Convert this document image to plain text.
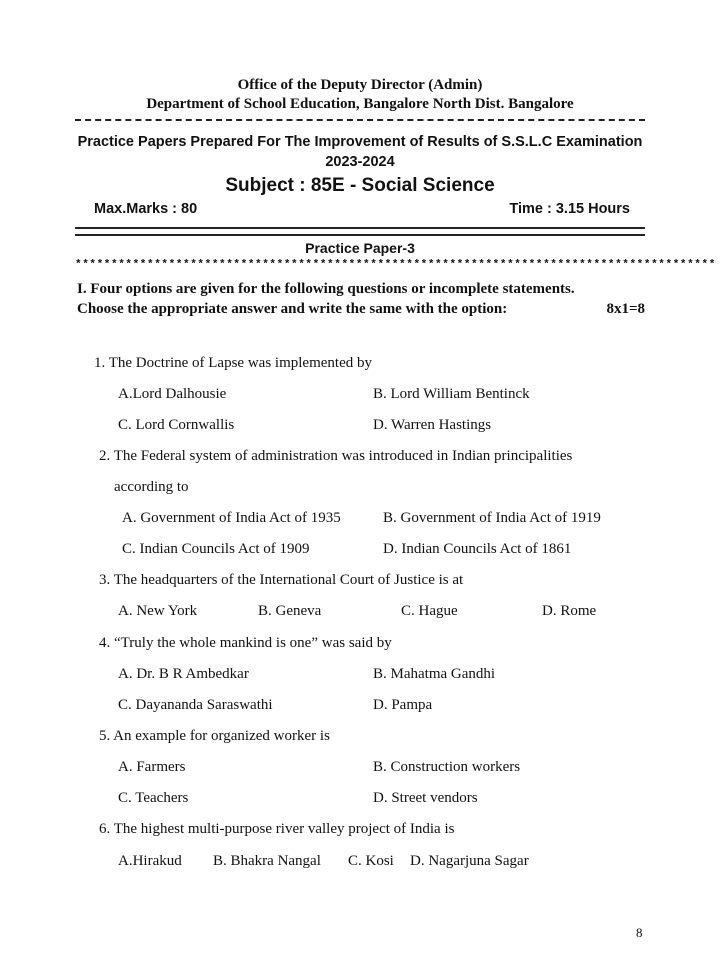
Office of the Deputy Director (Admin)
Department of School Education, Bangalore North Dist. Bangalore
Practice Papers Prepared For The Improvement of Results of S.S.L.C Examination
2023-2024
Subject : 85E - Social Science
Max.Marks : 80	Time : 3.15 Hours
Practice Paper-3
*****************************************************************************************
I. Four options are given for the following questions or incomplete statements.
Choose the appropriate answer and write the same with the option:	8x1=8
1. The Doctrine of Lapse was implemented by
A.Lord Dalhousie	B. Lord William Bentinck
C. Lord Cornwallis	D. Warren Hastings
2. The Federal system of administration was introduced in Indian principalities
according to
A. Government of India Act of 1935	B. Government of India Act of 1919
C. Indian Councils Act of 1909	D. Indian Councils Act of 1861
3. The headquarters of the International Court of Justice is at
A. New York	B. Geneva	C. Hague	D. Rome
4. “Truly the whole mankind is one” was said by
A. Dr. B R Ambedkar	B. Mahatma Gandhi
C. Dayananda Saraswathi	D. Pampa
5. An example for organized worker is
A. Farmers	B. Construction workers
C. Teachers	D. Street vendors
6. The highest multi-purpose river valley project of India is
A.Hirakud B. Bhakra Nangal C. Kosi D. Nagarjuna Sagar
8
